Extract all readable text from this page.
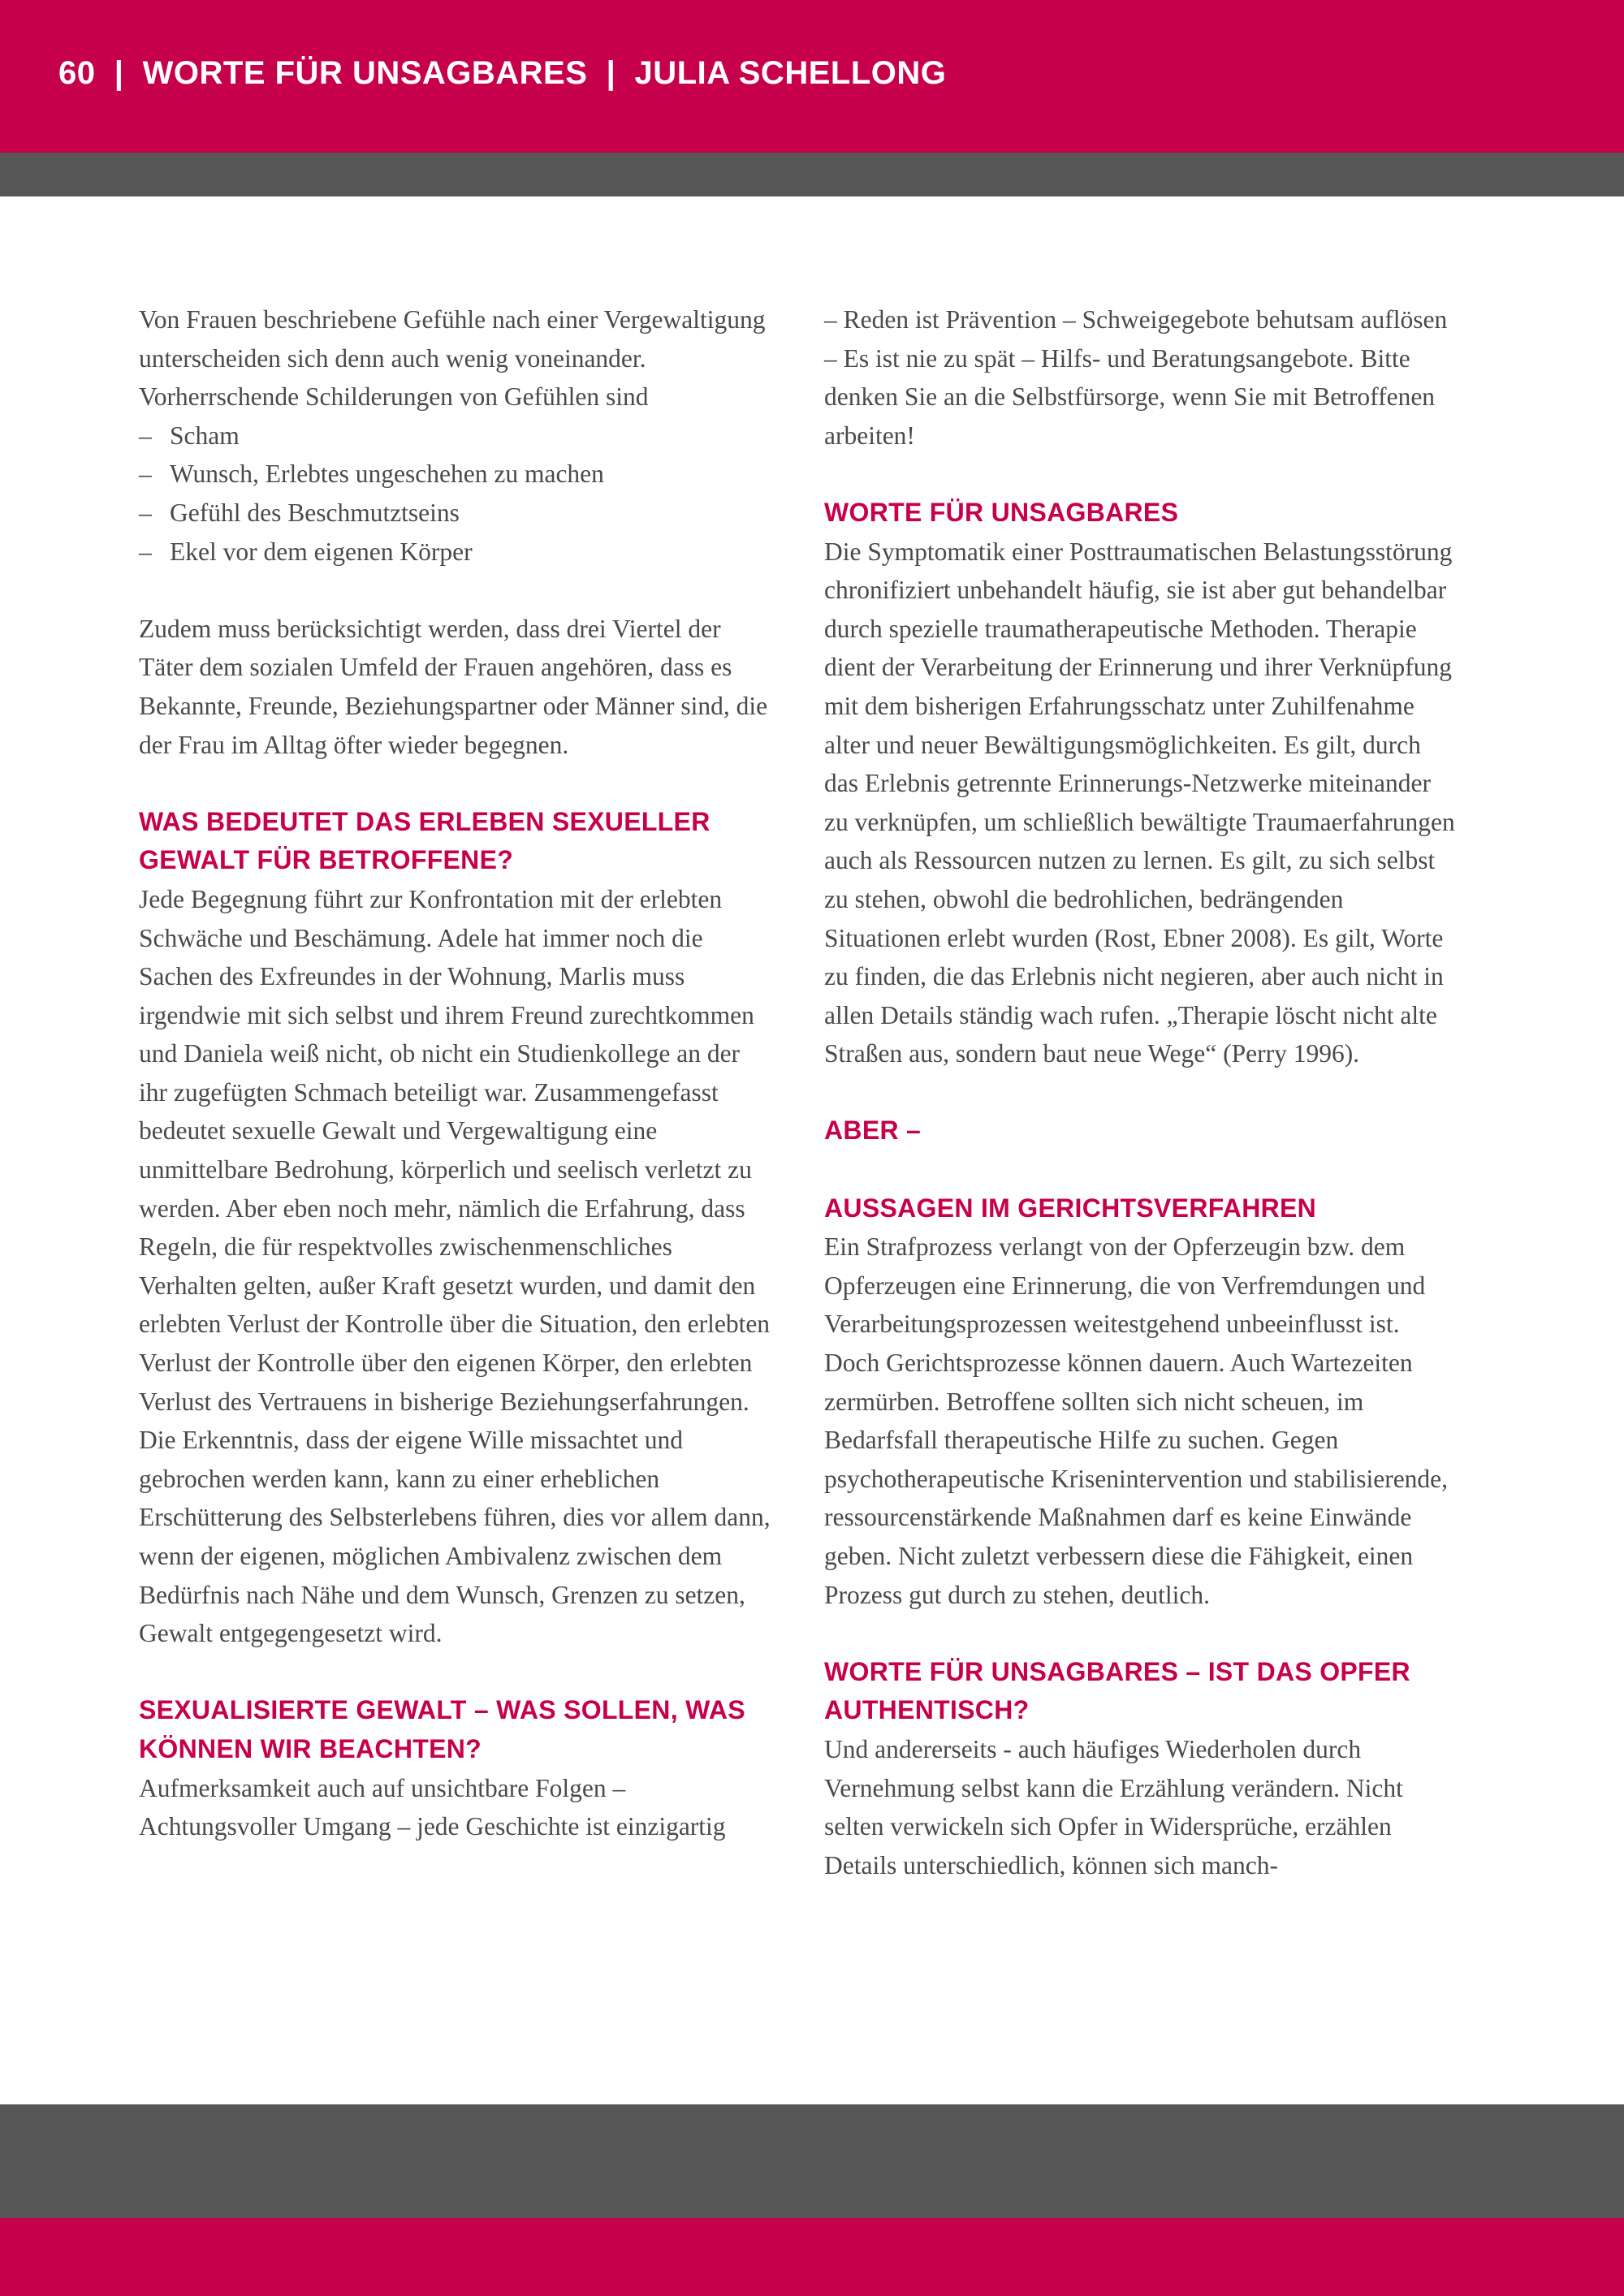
60  |  WORTE FÜR UNSAGBARES  |  JULIA SCHELLONG

Von Frauen beschriebene Gefühle nach einer Vergewaltigung unterscheiden sich denn auch wenig voneinander. Vorherrschende Schilderungen von Gefühlen sind

– Scham
– Wunsch, Erlebtes ungeschehen zu machen
– Gefühl des Beschmutztseins
– Ekel vor dem eigenen Körper

Zudem muss berücksichtigt werden, dass drei Viertel der Täter dem sozialen Umfeld der Frauen angehören, dass es Bekannte, Freunde, Beziehungspartner oder Männer sind, die der Frau im Alltag öfter wieder begegnen.

WAS BEDEUTET DAS ERLEBEN SEXUELLER GEWALT FÜR BETROFFENE?

Jede Begegnung führt zur Konfrontation mit der erlebten Schwäche und Beschämung. Adele hat immer noch die Sachen des Exfreundes in der Wohnung, Marlis muss irgendwie mit sich selbst und ihrem Freund zurechtkommen und Daniela weiß nicht, ob nicht ein Studienkollege an der ihr zugefügten Schmach beteiligt war. Zusammengefasst bedeutet sexuelle Gewalt und Vergewaltigung eine unmittelbare Bedrohung, körperlich und seelisch verletzt zu werden. Aber eben noch mehr, nämlich die Erfahrung, dass Regeln, die für respektvolles zwischenmenschliches Verhalten gelten, außer Kraft gesetzt wurden, und damit den erlebten Verlust der Kontrolle über die Situation, den erlebten Verlust der Kontrolle über den eigenen Körper, den erlebten Verlust des Vertrauens in bisherige Beziehungserfahrungen. Die Erkenntnis, dass der eigene Wille missachtet und gebrochen werden kann, kann zu einer erheblichen Erschütterung des Selbsterlebens führen, dies vor allem dann, wenn der eigenen, möglichen Ambivalenz zwischen dem Bedürfnis nach Nähe und dem Wunsch, Grenzen zu setzen, Gewalt entgegengesetzt wird.

SEXUALISIERTE GEWALT – WAS SOLLEN, WAS KÖNNEN WIR BEACHTEN?

Aufmerksamkeit auch auf unsichtbare Folgen – Achtungsvoller Umgang – jede Geschichte ist einzigartig

– Reden ist Prävention – Schweigegebote behutsam auflösen – Es ist nie zu spät – Hilfs- und Beratungsangebote. Bitte denken Sie an die Selbstfürsorge, wenn Sie mit Betroffenen arbeiten!

WORTE FÜR UNSAGBARES

Die Symptomatik einer Posttraumatischen Belastungsstörung chronifiziert unbehandelt häufig, sie ist aber gut behandelbar durch spezielle traumatherapeutische Methoden. Therapie dient der Verarbeitung der Erinnerung und ihrer Verknüpfung mit dem bisherigen Erfahrungsschatz unter Zuhilfenahme alter und neuer Bewältigungsmöglichkeiten. Es gilt, durch das Erlebnis getrennte Erinnerungs-Netzwerke miteinander zu verknüpfen, um schließlich bewältigte Traumaerfahrungen auch als Ressourcen nutzen zu lernen. Es gilt, zu sich selbst zu stehen, obwohl die bedrohlichen, bedrängenden Situationen erlebt wurden (Rost, Ebner 2008). Es gilt, Worte zu finden, die das Erlebnis nicht negieren, aber auch nicht in allen Details ständig wach rufen. „Therapie löscht nicht alte Straßen aus, sondern baut neue Wege“ (Perry 1996).

ABER –
AUSSAGEN IM GERICHTSVERFAHREN

Ein Strafprozess verlangt von der Opferzeugin bzw. dem Opferzeugen eine Erinnerung, die von Verfremdungen und Verarbeitungsprozessen weitestgehend unbeeinflusst ist. Doch Gerichtsprozesse können dauern. Auch Wartezeiten zermürben. Betroffene sollten sich nicht scheuen, im Bedarfsfall therapeutische Hilfe zu suchen. Gegen psychotherapeutische Krisenintervention und stabilisierende, ressourcenstärkende Maßnahmen darf es keine Einwände geben. Nicht zuletzt verbessern diese die Fähigkeit, einen Prozess gut durch zu stehen, deutlich.

WORTE FÜR UNSAGBARES – IST DAS OPFER AUTHENTISCH?

Und andererseits - auch häufiges Wiederholen durch Vernehmung selbst kann die Erzählung verändern. Nicht selten verwickeln sich Opfer in Widersprüche, erzählen Details unterschiedlich, können sich manch-
